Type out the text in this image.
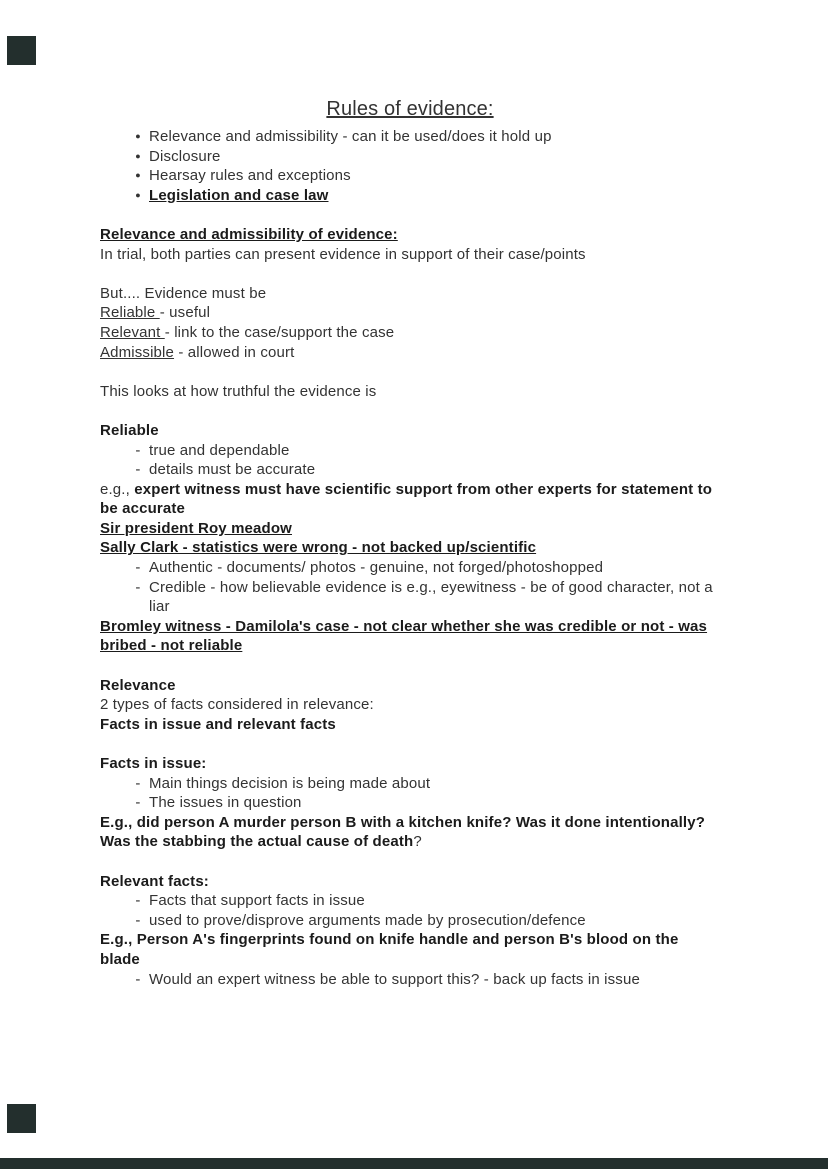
Rules of evidence:
● Relevance and admissibility - can it be used/does it hold up
● Disclosure
● Hearsay rules and exceptions
● Legislation and case law
Relevance and admissibility of evidence:
In trial, both parties can present evidence in support of their case/points
But.... Evidence must be
Reliable - useful
Relevant - link to the case/support the case
Admissible - allowed in court
This looks at how truthful the evidence is
Reliable
- true and dependable
- details must be accurate
e.g., expert witness must have scientific support from other experts for statement to be accurate
Sir president Roy meadow
Sally Clark - statistics were wrong - not backed up/scientific
- Authentic - documents/ photos - genuine, not forged/photoshopped
- Credible - how believable evidence is e.g., eyewitness - be of good character, not a liar
Bromley witness - Damilola's case - not clear whether she was credible or not - was bribed - not reliable
Relevance
2 types of facts considered in relevance:
Facts in issue and relevant facts
Facts in issue:
- Main things decision is being made about
- The issues in question
E.g., did person A murder person B with a kitchen knife? Was it done intentionally?
Was the stabbing the actual cause of death?
Relevant facts:
- Facts that support facts in issue
- used to prove/disprove arguments made by prosecution/defence
E.g., Person A's fingerprints found on knife handle and person B's blood on the blade
- Would an expert witness be able to support this? - back up facts in issue
